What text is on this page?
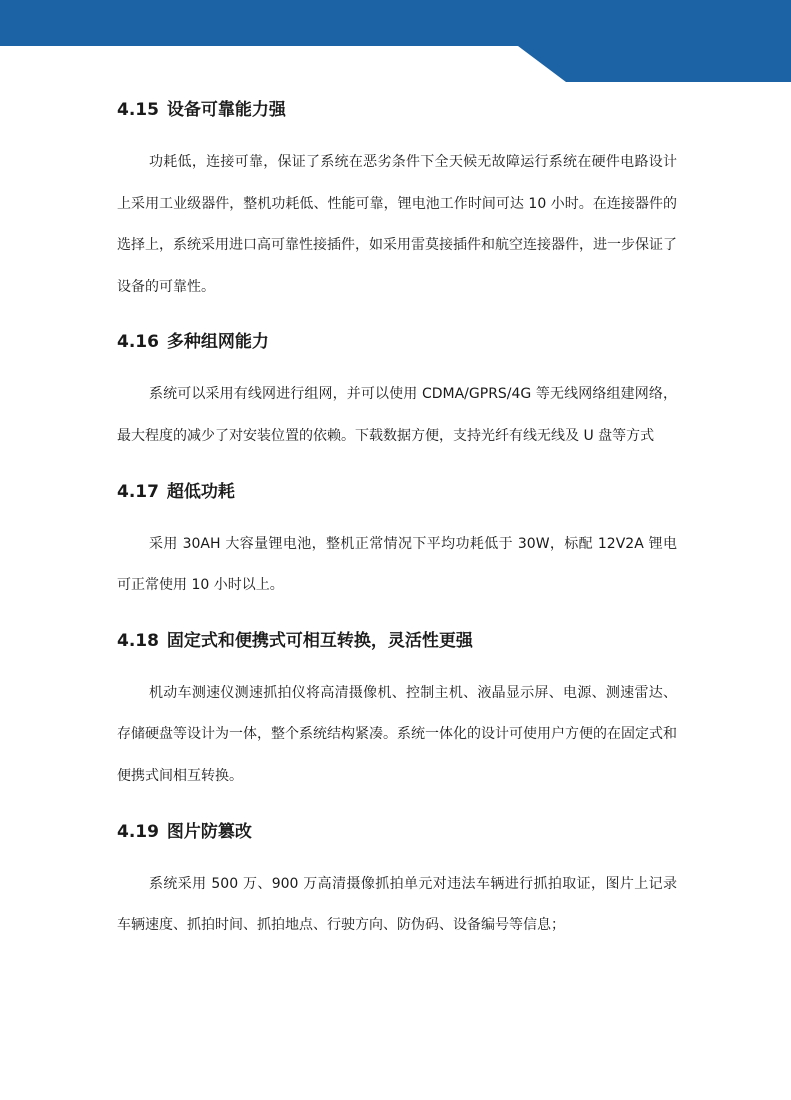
4.15 设备可靠能力强

功耗低，连接可靠，保证了系统在恶劣条件下全天候无故障运行系统在硬件电路设计上采用工业级器件，整机功耗低、性能可靠，锂电池工作时间可达 10 小时。在连接器件的选择上，系统采用进口高可靠性接插件，如采用雷莫接插件和航空连接器件，进一步保证了设备的可靠性。

4.16 多种组网能力

系统可以采用有线网进行组网，并可以使用 CDMA/GPRS/4G 等无线网络组建网络，最大程度的减少了对安装位置的依赖。下载数据方便，支持光纤有线无线及 U 盘等方式

4.17 超低功耗

采用 30AH 大容量锂电池，整机正常情况下平均功耗低于 30W，标配 12V2A 锂电可正常使用 10 小时以上。

4.18 固定式和便携式可相互转换，灵活性更强

机动车测速仪测速抓拍仪将高清摄像机、控制主机、液晶显示屏、电源、测速雷达、存储硬盘等设计为一体，整个系统结构紧凑。系统一体化的设计可使用户方便的在固定式和便携式间相互转换。

4.19 图片防篡改

系统采用 500 万、900 万高清摄像抓拍单元对违法车辆进行抓拍取证，图片上记录车辆速度、抓拍时间、抓拍地点、行驶方向、防伪码、设备编号等信息；
